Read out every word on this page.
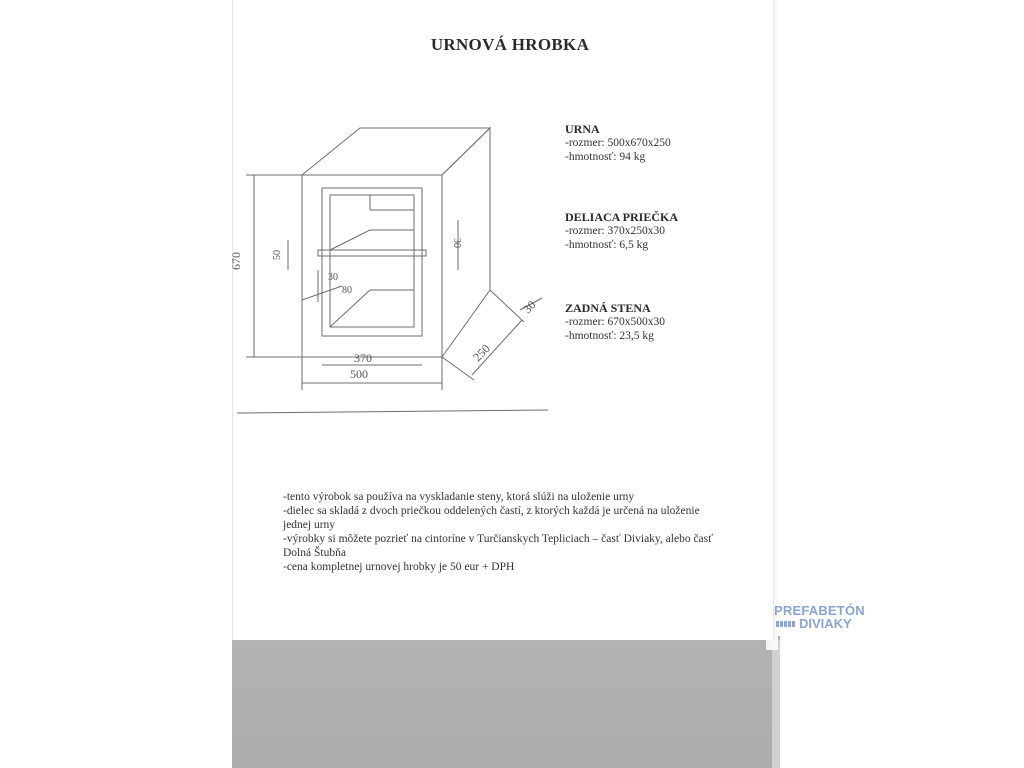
URNOVÁ HROBKA
670	50
30
30
80
370
500
250
30
URNA
-rozmer: 500x670x250
-hmotnosť: 94 kg
DELIACA PRIEČKA
-rozmer: 370x250x30
-hmotnosť: 6,5 kg
ZADNÁ STENA
-rozmer: 670x500x30
-hmotnosť: 23,5 kg
-tento výrobok sa používa na vyskladanie steny, ktorá slúži na uloženie urny
-dielec sa skladá z dvoch priečkou oddelených častí, z ktorých každá je určená na uloženie jednej urny
-výrobky si môžete pozrieť na cintoríne v Turčianskych Tepliciach – časť Diviaky, alebo časť Dolná Štubňa
-cena kompletnej urnovej hrobky je 50 eur + DPH
PREFABETÓN
DIVIAKY
